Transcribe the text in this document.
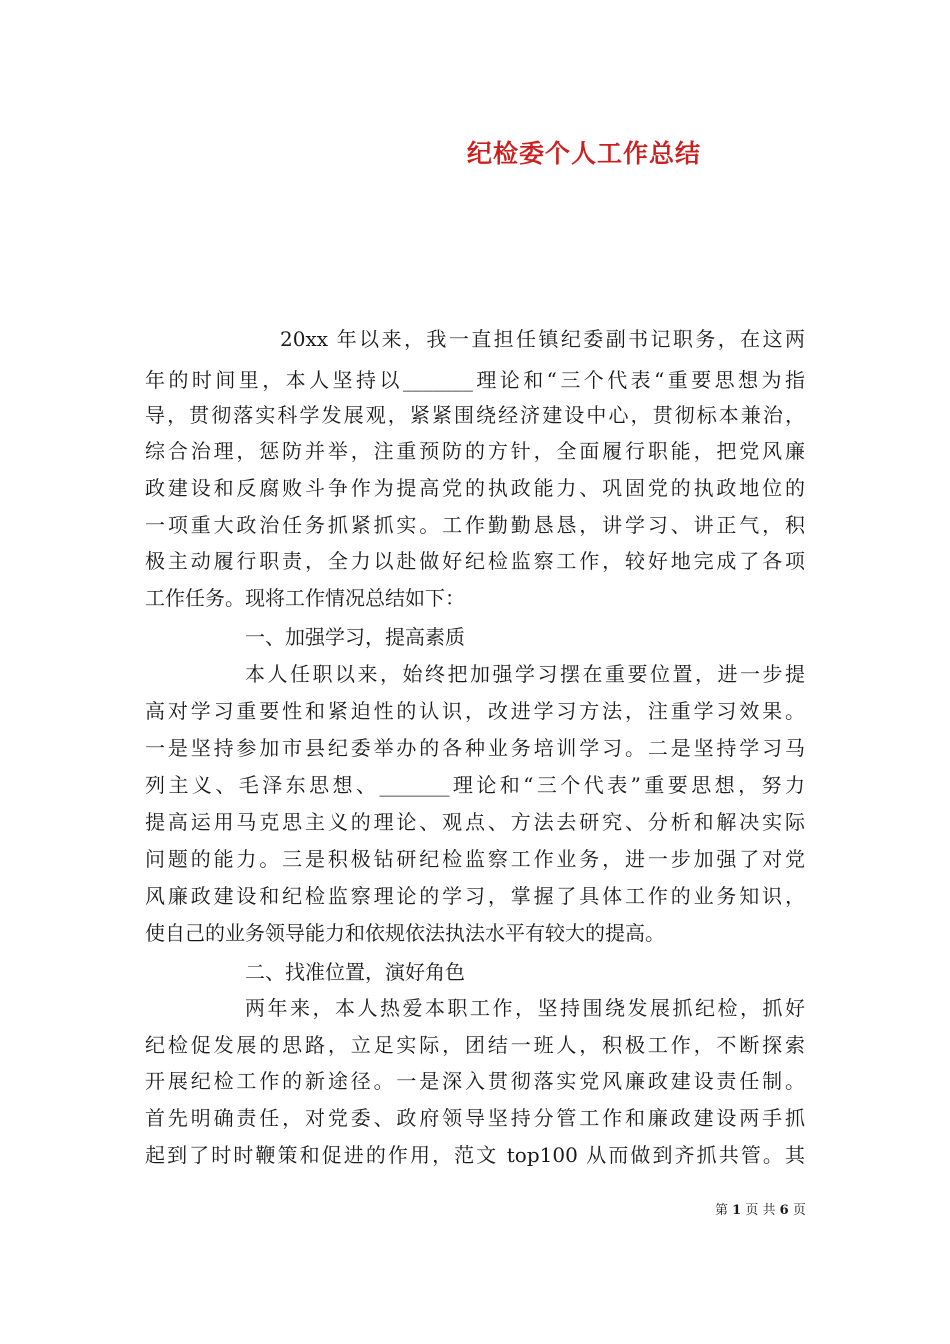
纪检委个人工作总结
20xx 年以来，我一直担任镇纪委副书记职务，在这两
年的时间里，本人坚持以_______理论和“三个代表“重要思想为指
导，贯彻落实科学发展观，紧紧围绕经济建设中心，贯彻标本兼治，
综合治理，惩防并举，注重预防的方针，全面履行职能，把党风廉
政建设和反腐败斗争作为提高党的执政能力、巩固党的执政地位的
一项重大政治任务抓紧抓实。工作勤勤恳恳，讲学习、讲正气，积
极主动履行职责，全力以赴做好纪检监察工作，较好地完成了各项
工作任务。现将工作情况总结如下：
一、加强学习，提高素质
本人任职以来，始终把加强学习摆在重要位置，进一步提
高对学习重要性和紧迫性的认识，改进学习方法，注重学习效果。
一是坚持参加市县纪委举办的各种业务培训学习。二是坚持学习马
列主义、毛泽东思想、_______理论和“三个代表”重要思想，努力
提高运用马克思主义的理论、观点、方法去研究、分析和解决实际
问题的能力。三是积极钻研纪检监察工作业务，进一步加强了对党
风廉政建设和纪检监察理论的学习，掌握了具体工作的业务知识，
使自己的业务领导能力和依规依法执法水平有较大的提高。
二、找准位置，演好角色
两年来，本人热爱本职工作，坚持围绕发展抓纪检，抓好
纪检促发展的思路，立足实际，团结一班人，积极工作，不断探索
开展纪检工作的新途径。一是深入贯彻落实党风廉政建设责任制。
首先明确责任，对党委、政府领导坚持分管工作和廉政建设两手抓
起到了时时鞭策和促进的作用，范文 top100 从而做到齐抓共管。其
第 1 页 共 6 页
